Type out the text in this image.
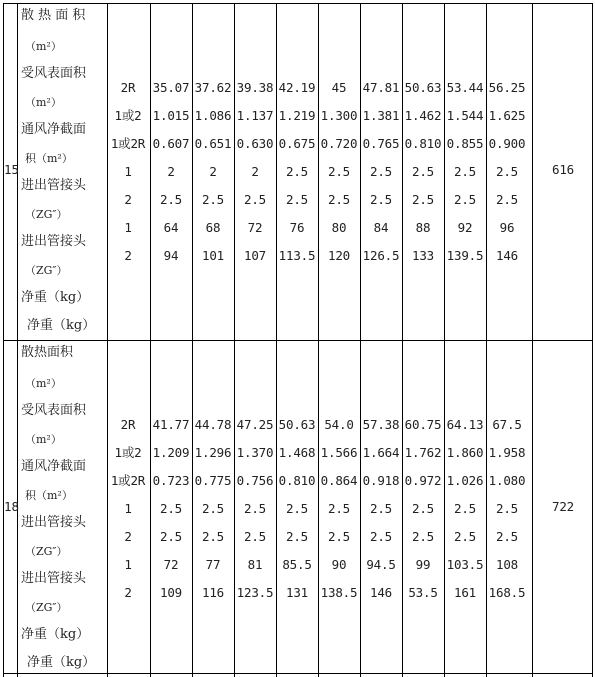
15
散 热 面 积
（m²）
受风表面积
（m²）
通风净截面
积（m²）
进出管接头
（ZG″）
进出管接头
（ZG″）
净重（kg）
净重（kg）
2R
1或2
1或2R
1
2
1
2
35.07 37.62 39.38 42.19 45 47.81 50.63 53.44 56.25
1.015 1.086 1.137 1.219 1.300 1.381 1.462 1.544 1.625
0.607 0.651 0.630 0.675 0.720 0.765 0.810 0.855 0.900
2	2	2 2.5 2.5 2.5 2.5 2.5 2.5
2.5 2.5 2.5 2.5 2.5 2.5 2.5 2.5 2.5
64 68 72 76 80 84 88 92 96
94 101 107 113.5 120 126.5 133 139.5 146
616
18
散热面积
（m²）
受风表面积
（m²）
通风净截面
积（m²）
进出管接头
（ZG″）
进出管接头
（ZG″）
净重（kg）
净重（kg）
2R
1或2
1或2R
1
2
1
2
41.77 44.78 47.25 50.63 54.0 57.38 60.75 64.13 67.5
1.209 1.296 1.370 1.468 1.566 1.664 1.762 1.860 1.958
0.723 0.775 0.756 0.810 0.864 0.918 0.972 1.026 1.080
2.5 2.5 2.5 2.5 2.5 2.5 2.5 2.5 2.5
2.5 2.5 2.5 2.5 2.5 2.5 2.5 2.5 2.5
72 77 81 85.5 90 94.5 99 103.5 108
109 116 123.5 131 138.5 146 53.5 161 168.5
722
